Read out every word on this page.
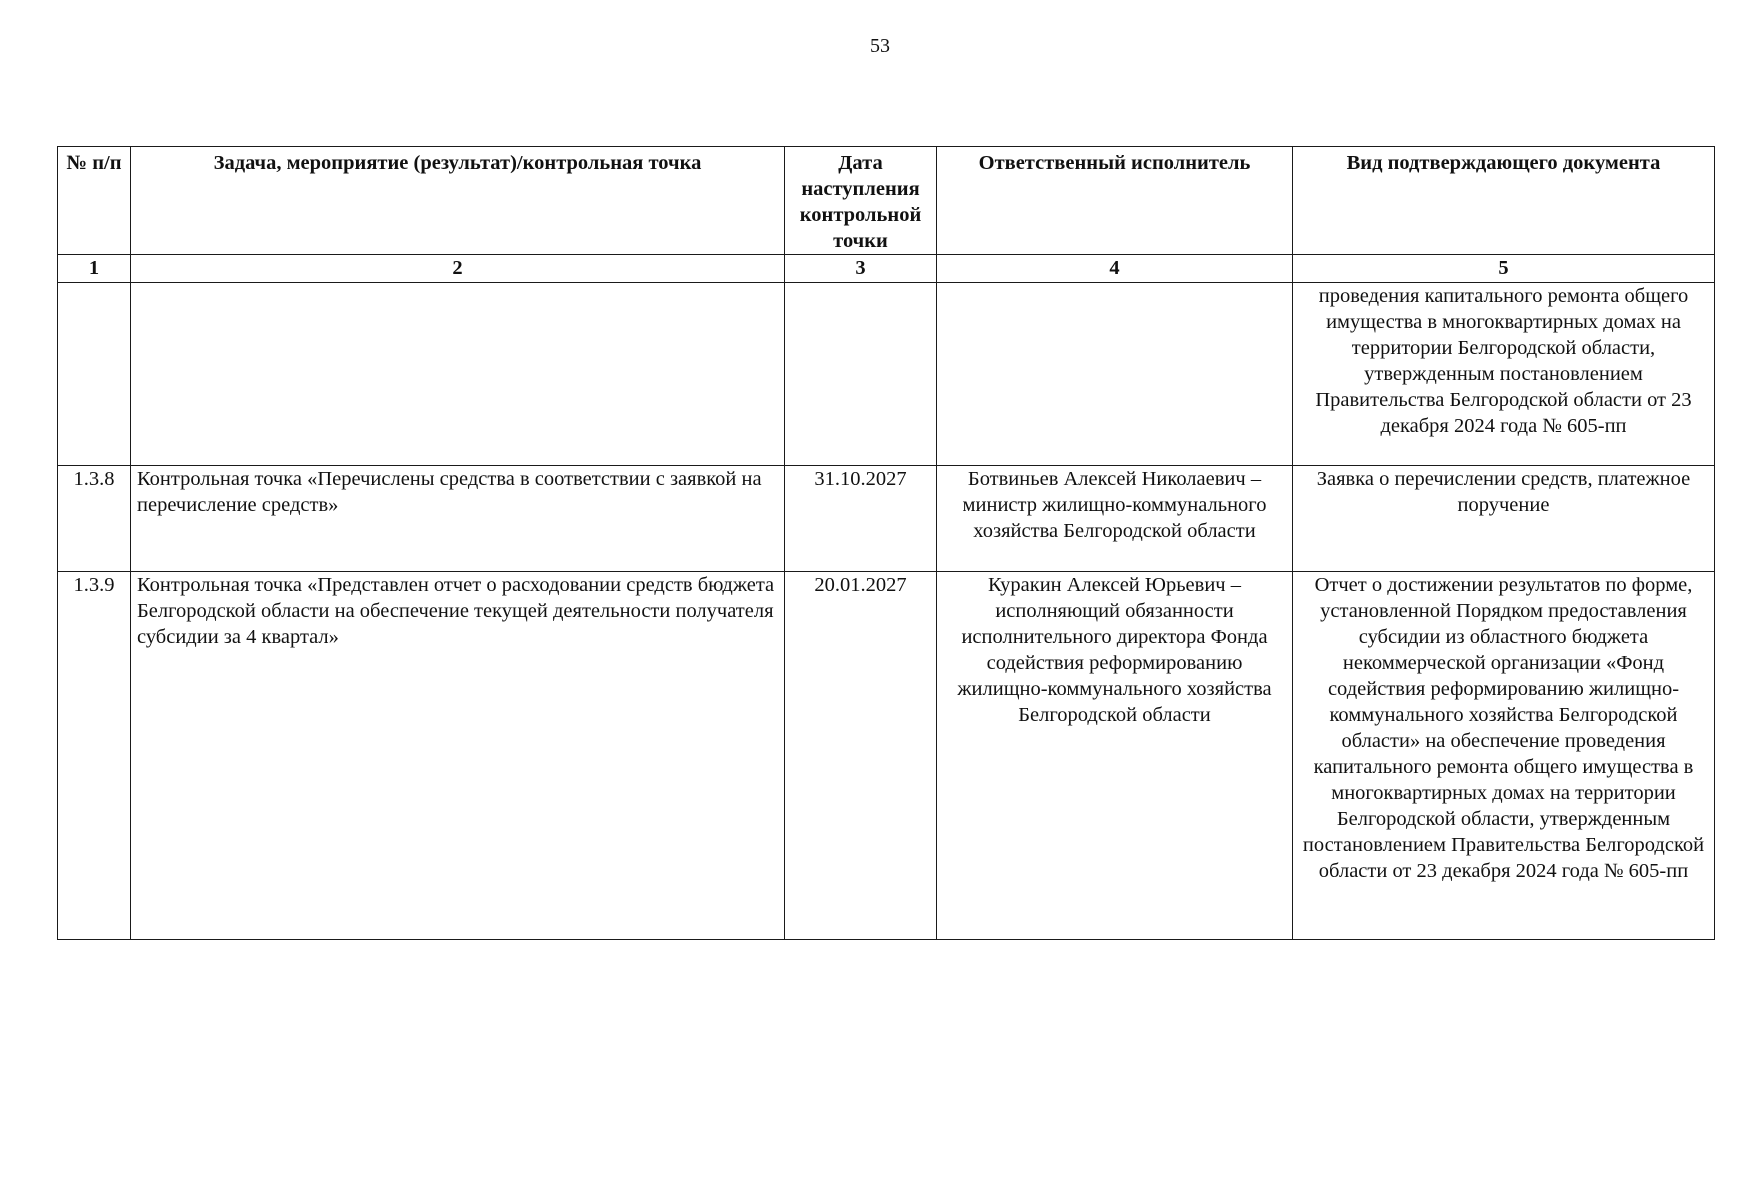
53
№ п/п	Задача, мероприятие (результат)/контрольная точка	Дата наступления контрольной точки	Ответственный исполнитель	Вид подтверждающего документа
1	2	3	4	5
				проведения капитального ремонта общего имущества в многоквартирных домах на территории Белгородской области, утвержденным постановлением Правительства Белгородской области от 23 декабря 2024 года № 605-пп
1.3.8	Контрольная точка «Перечислены средства в соответствии с заявкой на перечисление средств»	31.10.2027	Ботвиньев Алексей Николаевич – министр жилищно-коммунального хозяйства Белгородской области	Заявка о перечислении средств, платежное поручение
1.3.9	Контрольная точка «Представлен отчет о расходовании средств бюджета Белгородской области на обеспечение текущей деятельности получателя субсидии за 4 квартал»	20.01.2027	Куракин Алексей Юрьевич – исполняющий обязанности исполнительного директора Фонда содействия реформированию жилищно-коммунального хозяйства Белгородской области	Отчет о достижении результатов по форме, установленной Порядком предоставления субсидии из областного бюджета некоммерческой организации «Фонд содействия реформированию жилищно-коммунального хозяйства Белгородской области» на обеспечение проведения капитального ремонта общего имущества в многоквартирных домах на территории Белгородской области, утвержденным постановлением Правительства Белгородской области от 23 декабря 2024 года № 605-пп
